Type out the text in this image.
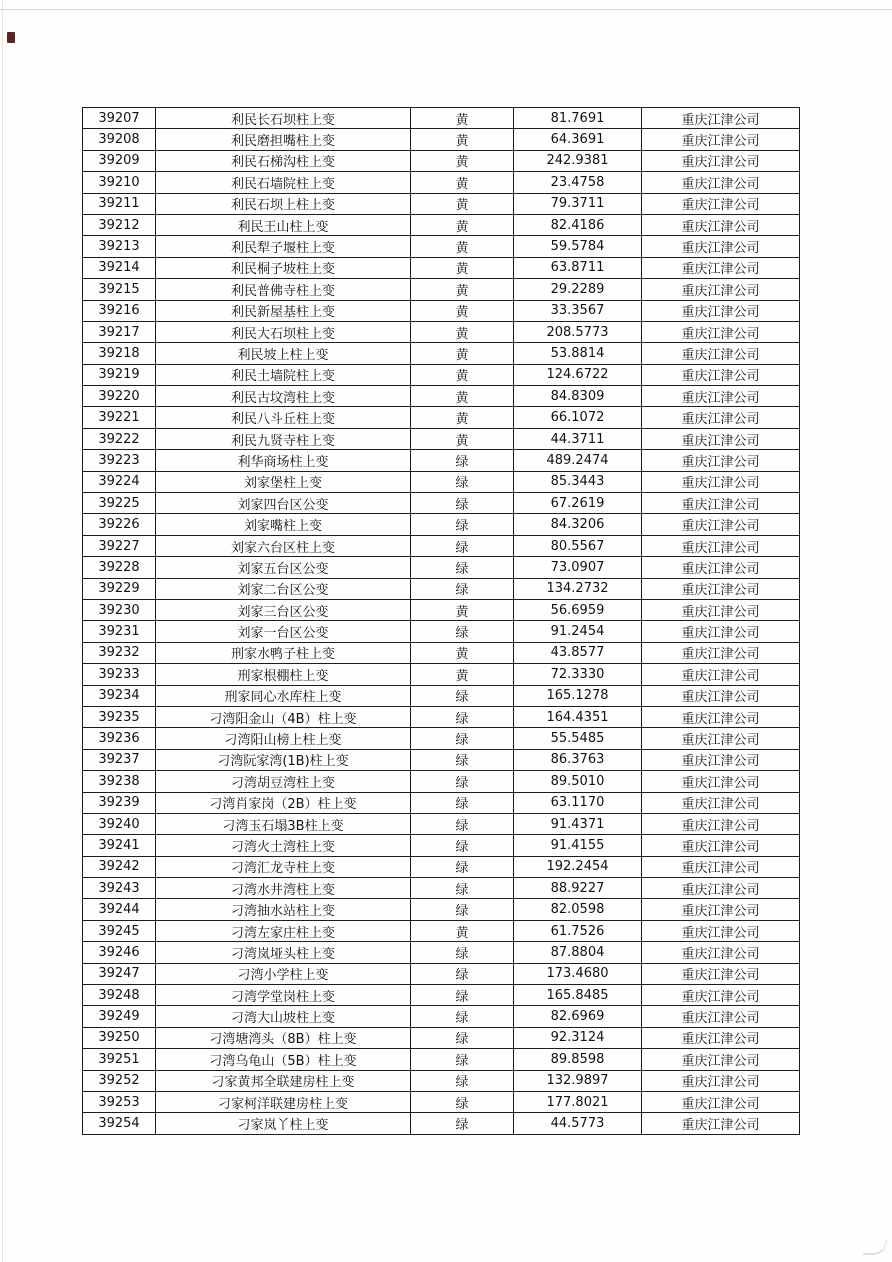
39207	利民长石坝柱上变	黄	81.7691	重庆江津公司
39208	利民磨担嘴柱上变	黄	64.3691	重庆江津公司
39209	利民石梯沟柱上变	黄	242.9381	重庆江津公司
39210	利民石墙院柱上变	黄	23.4758	重庆江津公司
39211	利民石坝上柱上变	黄	79.3711	重庆江津公司
39212	利民王山柱上变	黄	82.4186	重庆江津公司
39213	利民犁子堰柱上变	黄	59.5784	重庆江津公司
39214	利民桐子坡柱上变	黄	63.8711	重庆江津公司
39215	利民普佛寺柱上变	黄	29.2289	重庆江津公司
39216	利民新屋基柱上变	黄	33.3567	重庆江津公司
39217	利民大石坝柱上变	黄	208.5773	重庆江津公司
39218	利民坡上柱上变	黄	53.8814	重庆江津公司
39219	利民土墙院柱上变	黄	124.6722	重庆江津公司
39220	利民古坟湾柱上变	黄	84.8309	重庆江津公司
39221	利民八斗丘柱上变	黄	66.1072	重庆江津公司
39222	利民九贤寺柱上变	黄	44.3711	重庆江津公司
39223	利华商场柱上变	绿	489.2474	重庆江津公司
39224	刘家堡柱上变	绿	85.3443	重庆江津公司
39225	刘家四台区公变	绿	67.2619	重庆江津公司
39226	刘家嘴柱上变	绿	84.3206	重庆江津公司
39227	刘家六台区柱上变	绿	80.5567	重庆江津公司
39228	刘家五台区公变	绿	73.0907	重庆江津公司
39229	刘家二台区公变	绿	134.2732	重庆江津公司
39230	刘家三台区公变	黄	56.6959	重庆江津公司
39231	刘家一台区公变	绿	91.2454	重庆江津公司
39232	刑家水鸭子柱上变	黄	43.8577	重庆江津公司
39233	刑家根棚柱上变	黄	72.3330	重庆江津公司
39234	刑家同心水库柱上变	绿	165.1278	重庆江津公司
39235	刁湾阳金山（4B）柱上变	绿	164.4351	重庆江津公司
39236	刁湾阳山榜上柱上变	绿	55.5485	重庆江津公司
39237	刁湾阮家湾(1B)柱上变	绿	86.3763	重庆江津公司
39238	刁湾胡豆湾柱上变	绿	89.5010	重庆江津公司
39239	刁湾肖家岗（2B）柱上变	绿	63.1170	重庆江津公司
39240	刁湾玉石塌3B柱上变	绿	91.4371	重庆江津公司
39241	刁湾火土湾柱上变	绿	91.4155	重庆江津公司
39242	刁湾汇龙寺柱上变	绿	192.2454	重庆江津公司
39243	刁湾水井湾柱上变	绿	88.9227	重庆江津公司
39244	刁湾抽水站柱上变	绿	82.0598	重庆江津公司
39245	刁湾左家庄柱上变	黄	61.7526	重庆江津公司
39246	刁湾岚垭头柱上变	绿	87.8804	重庆江津公司
39247	刁湾小学柱上变	绿	173.4680	重庆江津公司
39248	刁湾学堂岗柱上变	绿	165.8485	重庆江津公司
39249	刁湾大山坡柱上变	绿	82.6969	重庆江津公司
39250	刁湾塘湾头（8B）柱上变	绿	92.3124	重庆江津公司
39251	刁湾乌龟山（5B）柱上变	绿	89.8598	重庆江津公司
39252	刁家黄邦全联建房柱上变	绿	132.9897	重庆江津公司
39253	刁家柯洋联建房柱上变	绿	177.8021	重庆江津公司
39254	刁家岚丫柱上变	绿	44.5773	重庆江津公司
